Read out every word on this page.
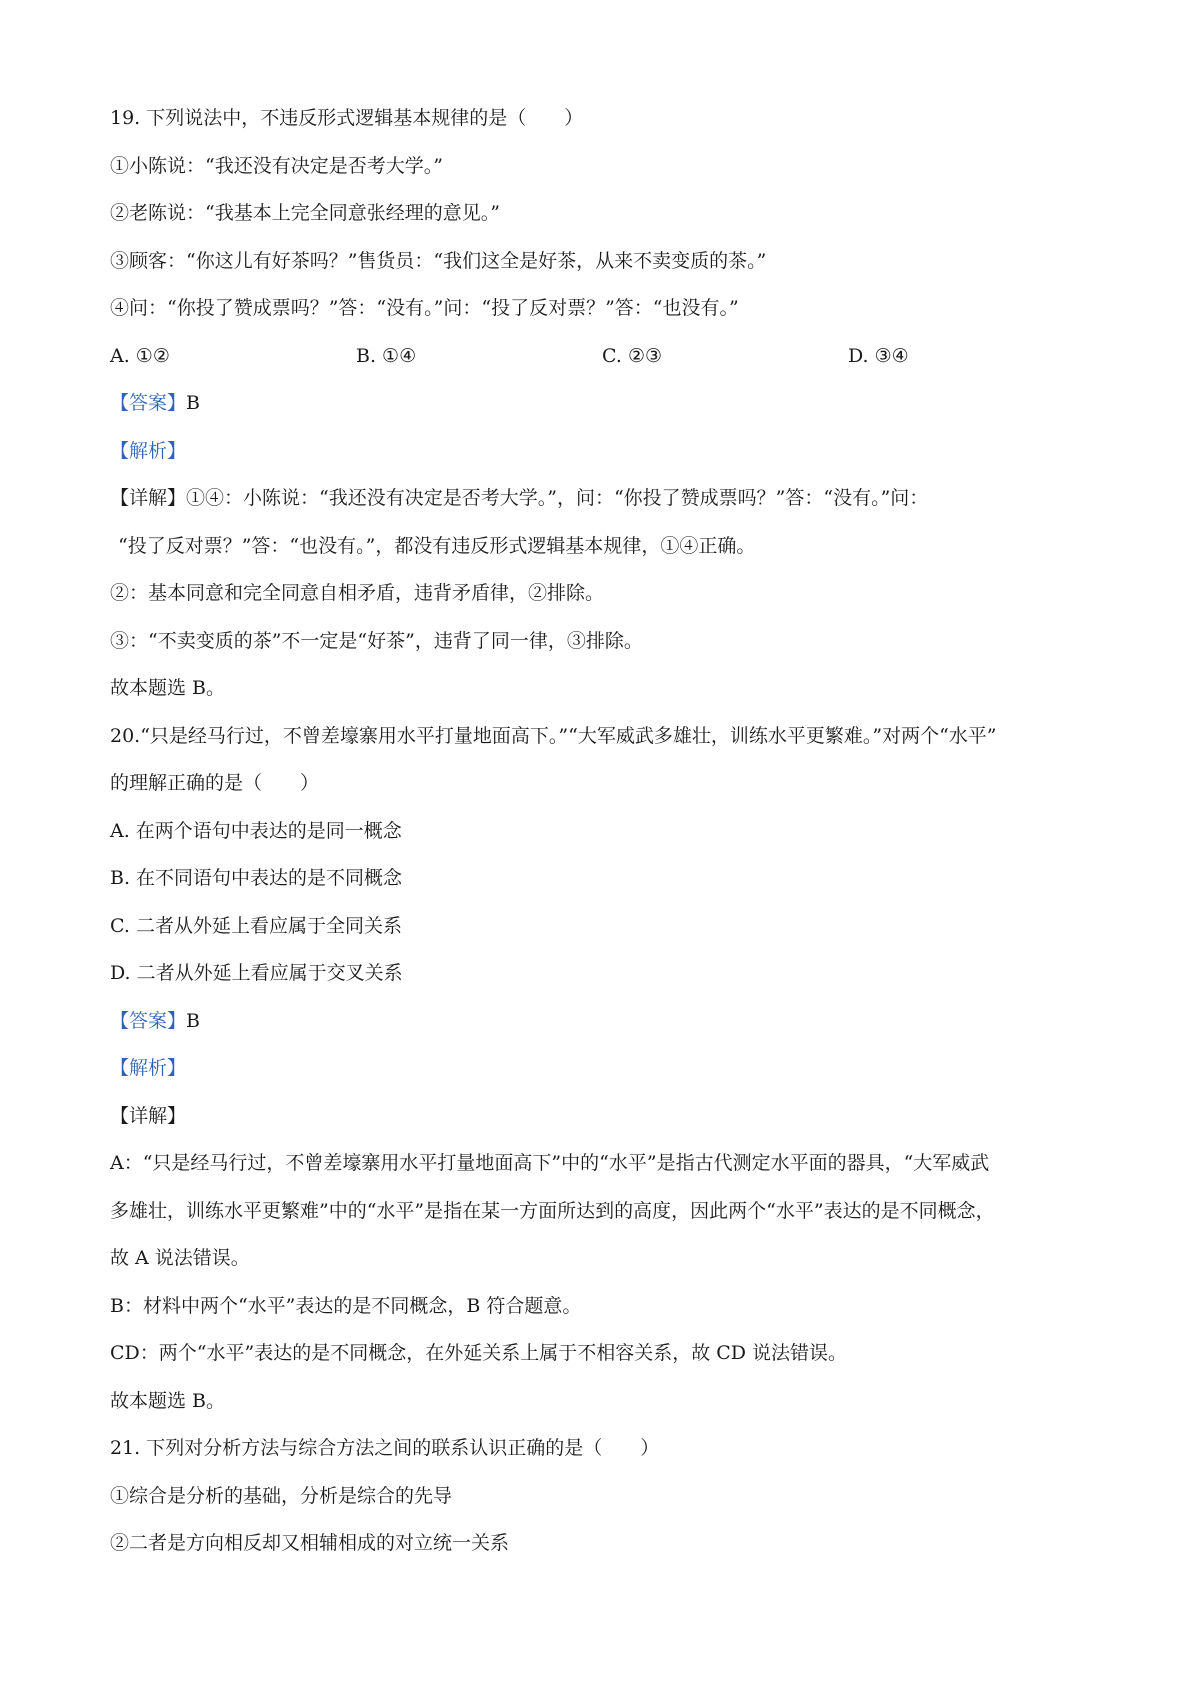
19. 下列说法中，不违反形式逻辑基本规律的是（　　）
①小陈说：“我还没有决定是否考大学。”
②老陈说：“我基本上完全同意张经理的意见。”
③顾客：“你这儿有好茶吗？”售货员：“我们这全是好茶，从来不卖变质的茶。”
④问：“你投了赞成票吗？”答：“没有。”问：“投了反对票？”答：“也没有。”
A. ①②	B. ①④	C. ②③	D. ③④
【答案】B
【解析】
【详解】①④：小陈说：“我还没有决定是否考大学。”，问：“你投了赞成票吗？”答：“没有。”问：
“投了反对票？”答：“也没有。”，都没有违反形式逻辑基本规律，①④正确。
②：基本同意和完全同意自相矛盾，违背矛盾律，②排除。
③：“不卖变质的茶”不一定是“好茶”，违背了同一律，③排除。
故本题选 B。
20.“只是经马行过，不曾差壕寨用水平打量地面高下。”“大军威武多雄壮，训练水平更繁难。”对两个“水平”
的理解正确的是（　　）
A. 在两个语句中表达的是同一概念
B. 在不同语句中表达的是不同概念
C. 二者从外延上看应属于全同关系
D. 二者从外延上看应属于交叉关系
【答案】B
【解析】
【详解】
A：“只是经马行过，不曾差壕寨用水平打量地面高下”中的“水平”是指古代测定水平面的器具，“大军威武
多雄壮，训练水平更繁难”中的“水平”是指在某一方面所达到的高度，因此两个“水平”表达的是不同概念，
故 A 说法错误。
B：材料中两个“水平”表达的是不同概念，B 符合题意。
CD：两个“水平”表达的是不同概念，在外延关系上属于不相容关系，故 CD 说法错误。
故本题选 B。
21. 下列对分析方法与综合方法之间的联系认识正确的是（　　）
①综合是分析的基础，分析是综合的先导
②二者是方向相反却又相辅相成的对立统一关系
